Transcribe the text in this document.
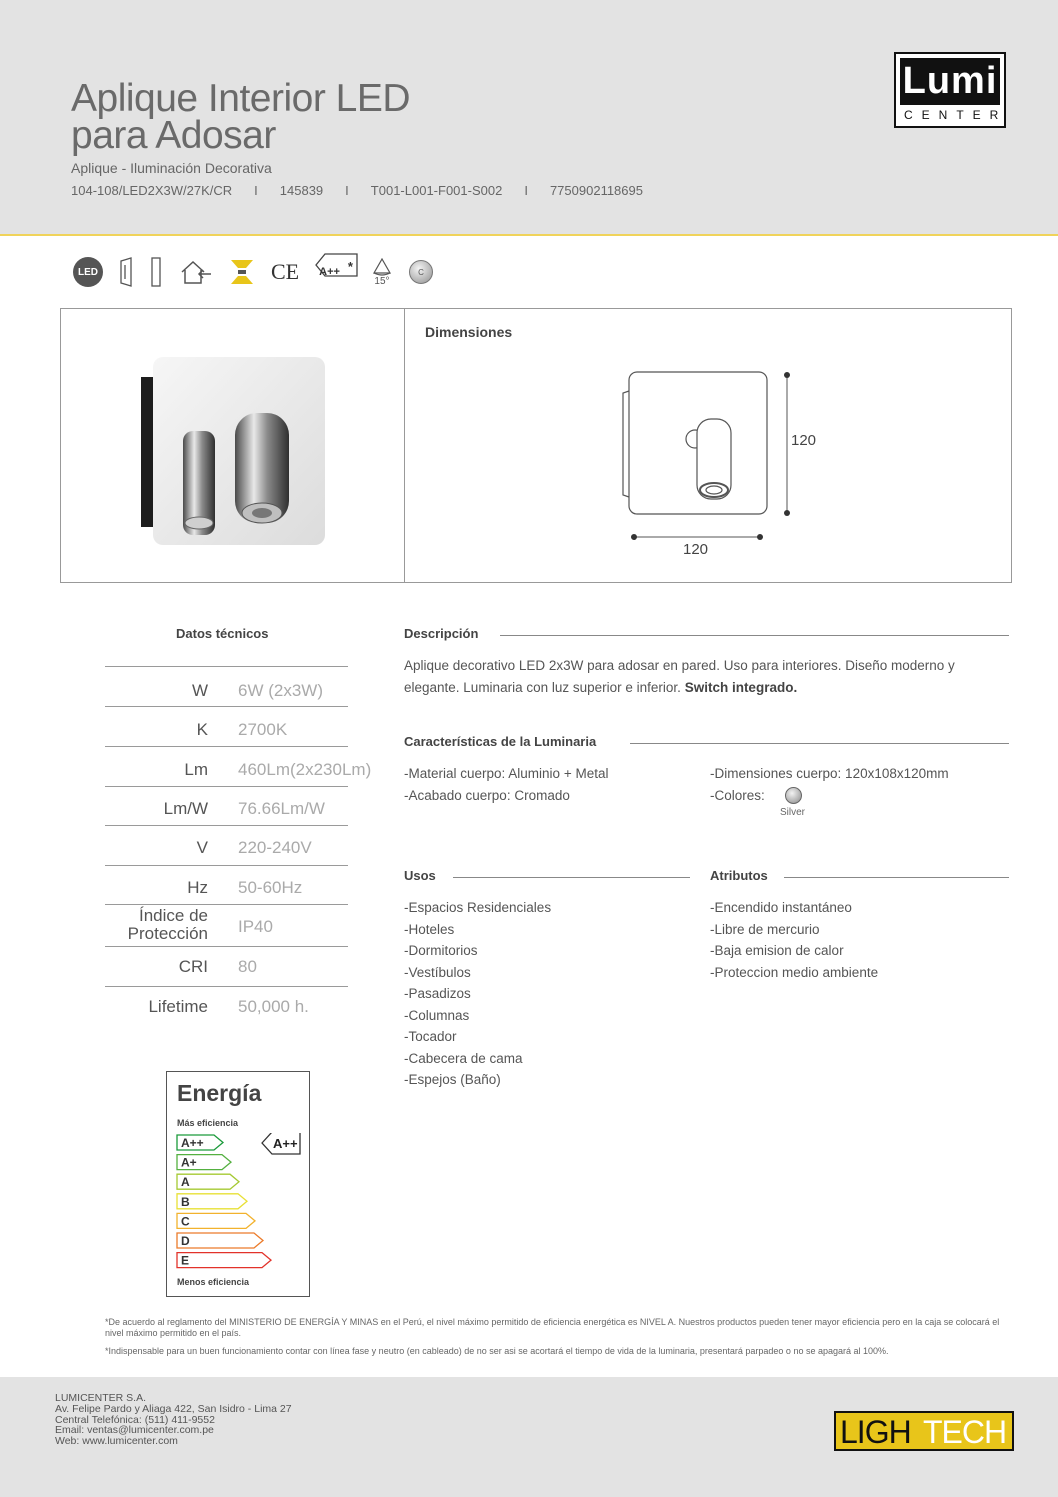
Aplique Interior LED
para Adosar
Aplique - Iluminación Decorativa
104-108/LED2X3W/27K/CR	I	145839	I	T001-L001-F001-S002	I	7750902118695
Lumi
CENTER
LED	CE A++ *
15°
C
Dimensiones
120
120
Datos técnicos
W 6W (2x3W)
K 2700K
Lm 460Lm(2x230Lm)
Lm/W 76.66Lm/W
V 220-240V
Hz 50-60Hz
Índice de
Protección IP40
CRI 80
Lifetime 50,000 h.
Descripción
Aplique decorativo LED 2x3W para adosar en pared. Uso para interiores. Diseño moderno y elegante. Luminaria con luz superior e inferior. Switch integrado.
Características de la Luminaria
-Material cuerpo: Aluminio + Metal
-Acabado cuerpo: Cromado
-Dimensiones cuerpo: 120x108x120mm
-Colores:
Silver
Usos
-Espacios Residenciales
-Hoteles
-Dormitorios
-Vestíbulos
-Pasadizos
-Columnas
-Tocador
-Cabecera de cama
-Espejos (Baño)
Atributos
-Encendido instantáneo
-Libre de mercurio
-Baja emision de calor
-Proteccion medio ambiente
Energía
Más eficiencia
A++
A+
A
B
C
D
E
A++
Menos eficiencia
*De acuerdo al reglamento del MINISTERIO DE ENERGÍA Y MINAS en el Perú, el nivel máximo permitido de eficiencia energética es NIVEL A. Nuestros productos pueden tener mayor eficiencia pero en la caja se colocará el nivel máximo permitido en el país.
*Indispensable para un buen funcionamiento contar con línea fase y neutro (en cableado) de no ser asi se acortará el tiempo de vida de la luminaria, presentará parpadeo o no se apagará al 100%.
LUMICENTER S.A.
Av. Felipe Pardo y Aliaga 422, San Isidro - Lima 27
Central Telefónica: (511) 411-9552
Email: ventas@lumicenter.com.pe
Web: www.lumicenter.com	LIGH TECH
